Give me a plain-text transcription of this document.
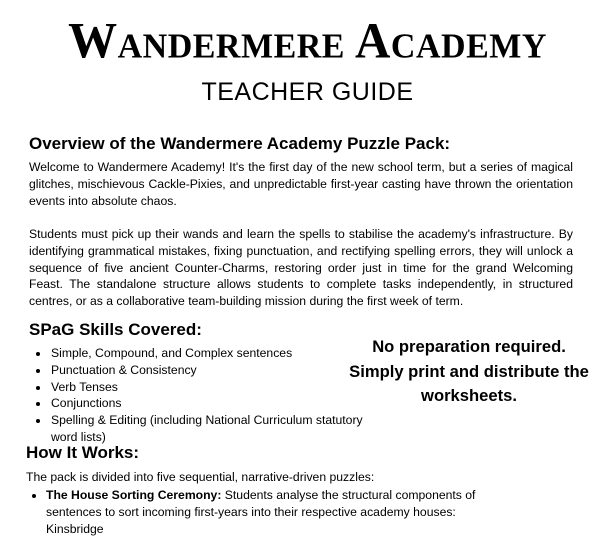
Wandermere Academy
TEACHER GUIDE
Overview of the Wandermere Academy Puzzle Pack:

Welcome to Wandermere Academy! It's the first day of the new school term, but a series of magical glitches, mischievous Cackle-Pixies, and unpredictable first-year casting have thrown the orientation events into absolute chaos.

Students must pick up their wands and learn the spells to stabilise the academy's infrastructure. By identifying grammatical mistakes, fixing punctuation, and rectifying spelling errors, they will unlock a sequence of five ancient Counter-Charms, restoring order just in time for the grand Welcoming Feast. The standalone structure allows students to complete tasks independently, in structured centres, or as a collaborative team-building mission during the first week of term.

SPaG Skills Covered:
• Simple, Compound, and Complex sentences
• Punctuation & Consistency
• Verb Tenses
• Conjunctions
• Spelling & Editing (including National Curriculum statutory word lists)
No preparation required.
Simply print and distribute the worksheets.
How It Works:

The pack is divided into five sequential, narrative-driven puzzles:

• The House Sorting Ceremony: Students analyse the structural components of sentences to sort incoming first-years into their respective academy houses: Kinsbridge
